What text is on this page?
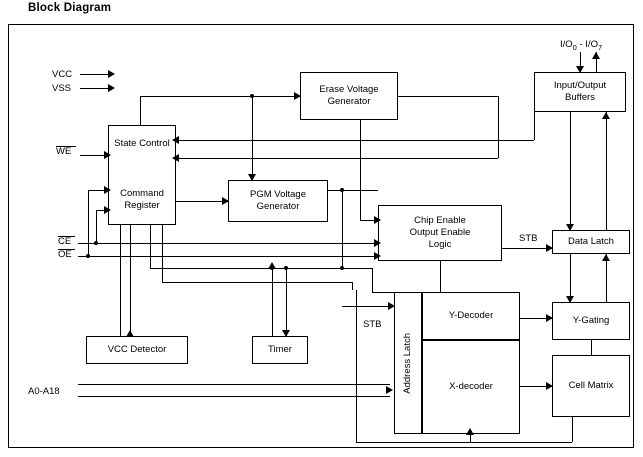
Block Diagram
VCC
VSS
WE
CE
OE
A0-A18
$I/O_0 - I/O_7$
STB
STB
Erase Voltage
Generator
Input/Output
Buffers
State Control
Command Register
PGM Voltage
Generator
Chip Enable
Output Enable
Logic	Data Latch
VCC Detector	Timer	Address Latch
Y-Decoder
X-decoder
Y-Gating
Cell Matrix
